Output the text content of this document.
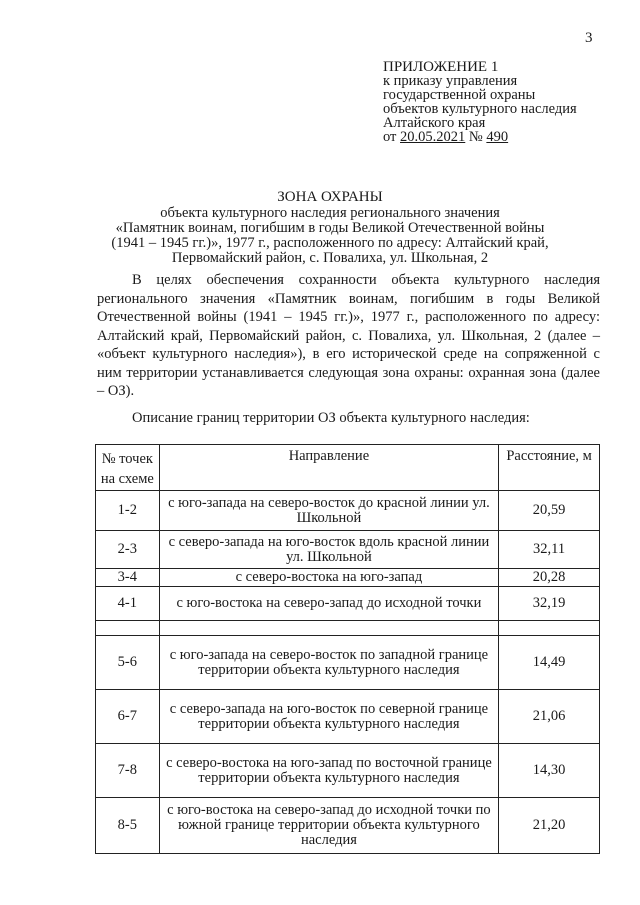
3
ПРИЛОЖЕНИЕ 1
к приказу управления
государственной охраны
объектов культурного наследия
Алтайского края
от 20.05.2021 № 490
ЗОНА ОХРАНЫ
объекта культурного наследия регионального значения
«Памятник воинам, погибшим в годы Великой Отечественной войны
(1941 – 1945 гг.)», 1977 г., расположенного по адресу: Алтайский край,
Первомайский район, с. Повалиха, ул. Школьная, 2
В целях обеспечения сохранности объекта культурного наследия регионального значения «Памятник воинам, погибшим в годы Великой Отечественной войны (1941 – 1945 гг.)», 1977 г., расположенного по адресу: Алтайский край, Первомайский район, с. Повалиха, ул. Школьная, 2 (далее – «объект культурного наследия»), в его исторической среде на сопряженной с ним территории устанавливается следующая зона охраны: охранная зона (далее – ОЗ).
Описание границ территории ОЗ объекта культурного наследия:
№ точек
на схеме	Направление	Расстояние, м
1-2	с юго-запада на северо-восток до красной линии ул. Школьной	20,59
2-3	с северо-запада на юго-восток вдоль красной линии ул. Школьной	32,11
3-4	с северо-востока на юго-запад	20,28
4-1	с юго-востока на северо-запад до исходной точки	32,19

5-6	с юго-запада на северо-восток по западной границе территории объекта культурного наследия	14,49
6-7	с северо-запада на юго-восток по северной границе территории объекта культурного наследия	21,06
7-8	с северо-востока на юго-запад по восточной границе территории объекта культурного наследия	14,30
8-5	с юго-востока на северо-запад до исходной точки по южной границе территории объекта культурного наследия	21,20
